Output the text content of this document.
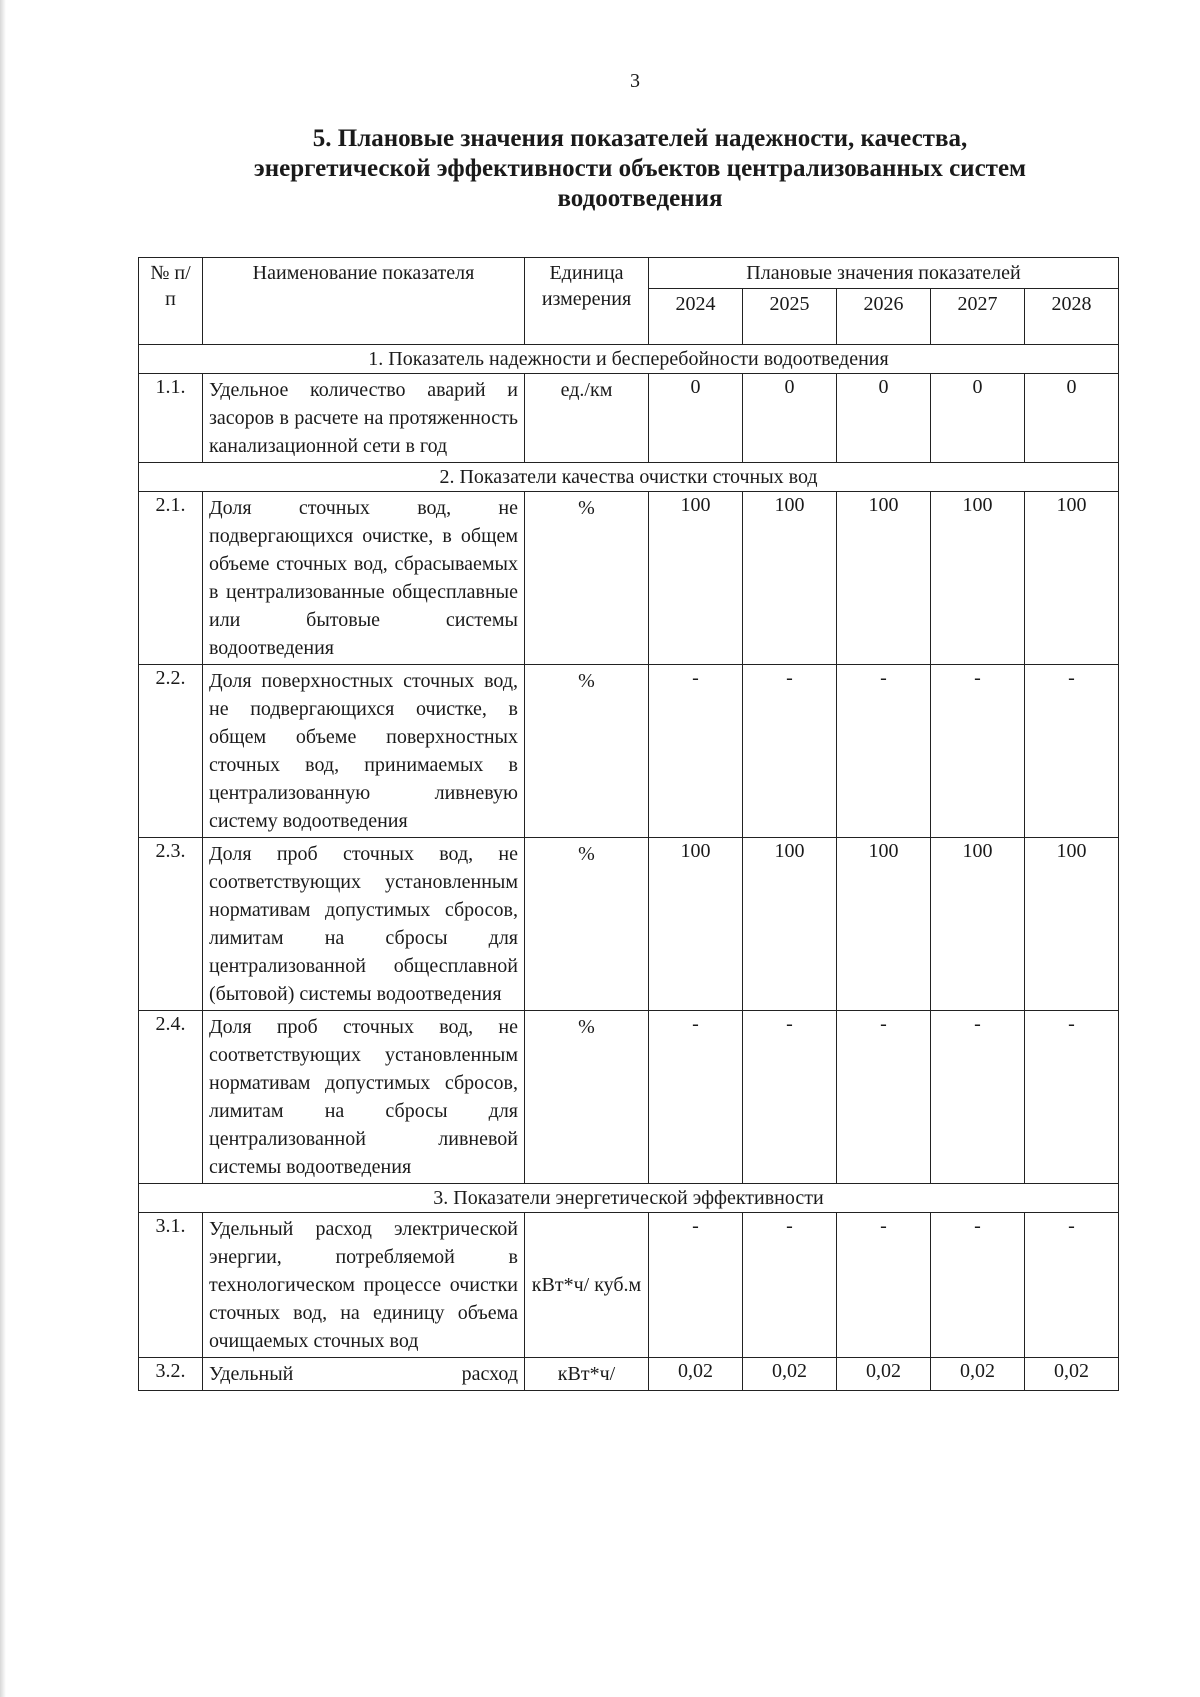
3
5. Плановые значения показателей надежности, качества, энергетической эффективности объектов централизованных систем водоотведения
№ п/п	Наименование показателя	Единица измерения	Плановые значения показателей				
			2024	2025	2026	2027	2028
1. Показатель надежности и бесперебойности водоотведения							
1.1.	Удельное количество аварий и засоров в расчете на протяженность канализационной сети в год	ед./км	0	0	0	0	0
2. Показатели качества очистки сточных вод							
2.1.	Доля сточных вод, не подвергающихся очистке, в общем объеме сточных вод, сбрасываемых в централизованные общесплавные или бытовые системы водоотведения	%	100	100	100	100	100
2.2.	Доля поверхностных сточных вод, не подвергающихся очистке, в общем объеме поверхностных сточных вод, принимаемых в централизованную ливневую систему водоотведения	%	-	-	-	-	-
2.3.	Доля проб сточных вод, не соответствующих установленным нормативам допустимых сбросов, лимитам на сбросы для централизованной общесплавной (бытовой) системы водоотведения	%	100	100	100	100	100
2.4.	Доля проб сточных вод, не соответствующих установленным нормативам допустимых сбросов, лимитам на сбросы для централизованной ливневой системы водоотведения	%	-	-	-	-	-
3. Показатели энергетической эффективности							
3.1.	Удельный расход электрической энергии, потребляемой в технологическом процессе очистки сточных вод, на единицу объема очищаемых сточных вод	кВт*ч/ куб.м	-	-	-	-	-
3.2.	Удельный расход	кВт*ч/	0,02	0,02	0,02	0,02	0,02
